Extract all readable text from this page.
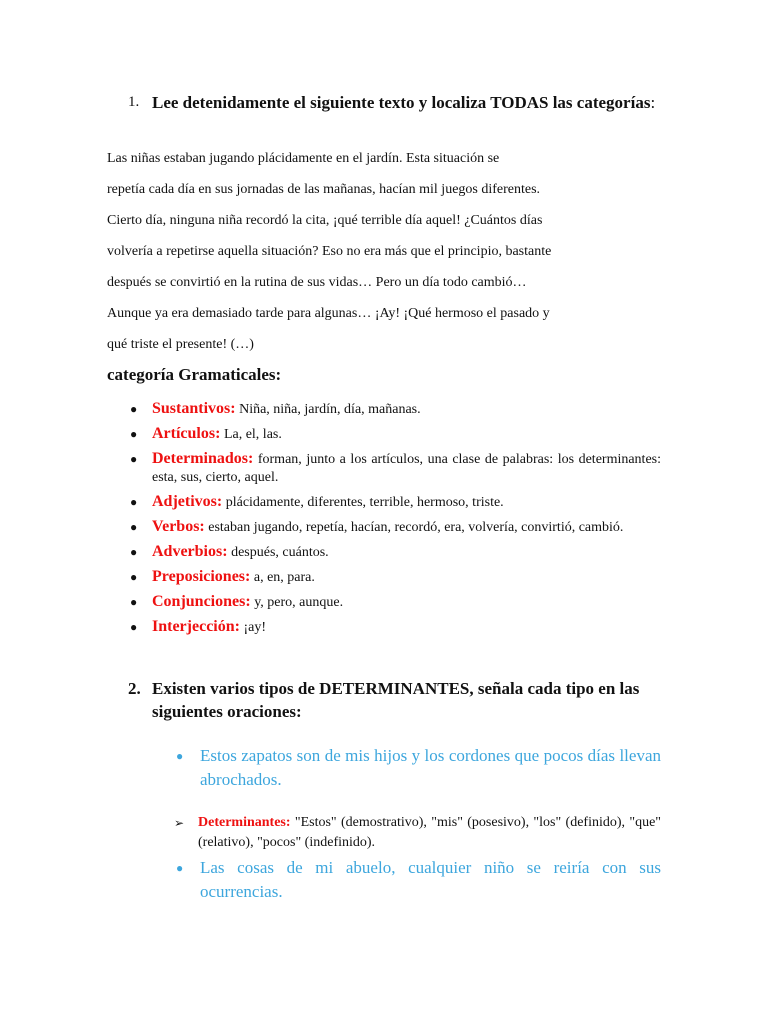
1. Lee detenidamente el siguiente texto y localiza TODAS las categorías:
Las niñas estaban jugando plácidamente en el jardín. Esta situación se
repetía cada día en sus jornadas de las mañanas, hacían mil juegos diferentes.
Cierto día, ninguna niña recordó la cita, ¡qué terrible día aquel! ¿Cuántos días
volvería a repetirse aquella situación? Eso no era más que el principio, bastante
después se convirtió en la rutina de sus vidas… Pero un día todo cambió…
Aunque ya era demasiado tarde para algunas… ¡Ay! ¡Qué hermoso el pasado y
qué triste el presente! (…)
categoría Gramaticales:
● Sustantivos: Niña, niña, jardín, día, mañanas.
● Artículos: La, el, las.
● Determinados: forman, junto a los artículos, una clase de palabras: los determinantes: esta, sus, cierto, aquel.
● Adjetivos: plácidamente, diferentes, terrible, hermoso, triste.
● Verbos: estaban jugando, repetía, hacían, recordó, era, volvería, convirtió, cambió.
● Adverbios: después, cuántos.
● Preposiciones: a, en, para.
● Conjunciones: y, pero, aunque.
● Interjección: ¡ay!
2. Existen varios tipos de DETERMINANTES, señala cada tipo en las siguientes oraciones:
● Estos zapatos son de mis hijos y los cordones que pocos días llevan abrochados.
➢ Determinantes: "Estos" (demostrativo), "mis" (posesivo), "los" (definido), "que" (relativo), "pocos" (indefinido).
● Las cosas de mi abuelo, cualquier niño se reiría con sus ocurrencias.
